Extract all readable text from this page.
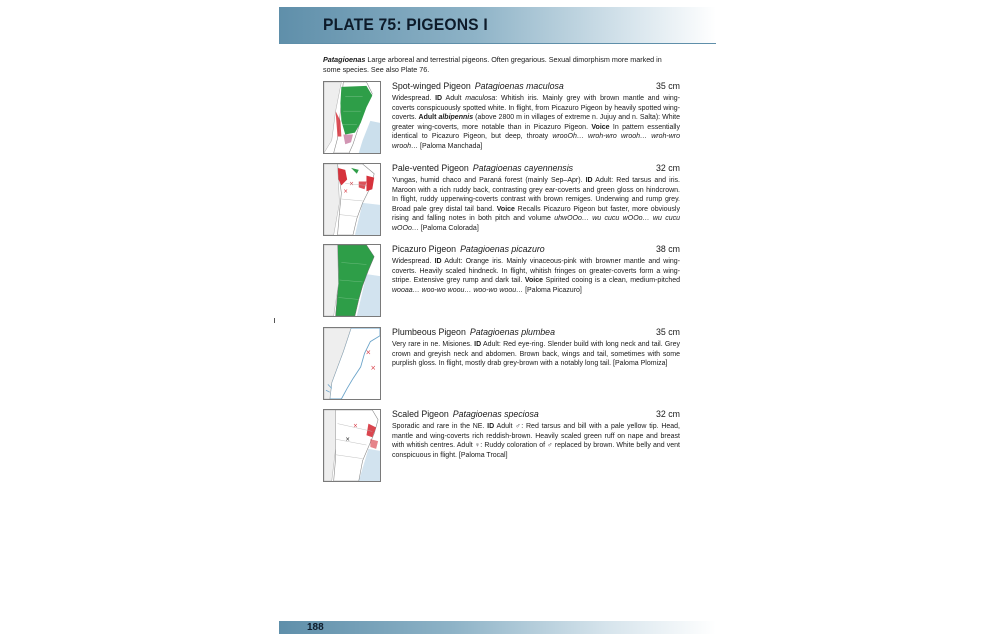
PLATE 75: PIGEONS I
Patagioenas Large arboreal and terrestrial pigeons. Often gregarious. Sexual dimorphism more marked in some species. See also Plate 76.
Spot-winged Pigeon Patagioenas maculosa	35 cm
Widespread. ID Adult maculosa: Whitish iris. Mainly grey with brown mantle and wing-coverts conspicuously spotted white. In flight, from Picazuro Pigeon by heavily spotted wing-coverts. Adult albipennis (above 2800 m in villages of extreme n. Jujuy and n. Salta): White greater wing-coverts, more notable than in Picazuro Pigeon. Voice In pattern essentially identical to Picazuro Pigeon, but deep, throaty wrooOh… wroh-wro wrooh… wroh-wro wrooh… [Paloma Manchada]
×
×
Pale-vented Pigeon Patagioenas cayennensis	32 cm
Yungas, humid chaco and Paraná forest (mainly Sep–Apr). ID Adult: Red tarsus and iris. Maroon with a rich ruddy back, contrasting grey ear-coverts and green gloss on hindcrown. In flight, ruddy upperwing-coverts contrast with brown remiges. Underwing and rump grey. Broad pale grey distal tail band. Voice Recalls Picazuro Pigeon but faster, more obviously rising and falling notes in both pitch and volume uhwOOo… wu cucu wOOo… wu cucu wOOo… [Paloma Colorada]
Picazuro Pigeon Patagioenas picazuro	38 cm
Widespread. ID Adult: Orange iris. Mainly vinaceous-pink with browner mantle and wing-coverts. Heavily scaled hindneck. In flight, whitish fringes on greater-coverts form a wing-stripe. Extensive grey rump and dark tail. Voice Spirited cooing is a clean, medium-pitched wooaa… woo-wo woou… woo-wo woou… [Paloma Picazuro]
×
×
Plumbeous Pigeon Patagioenas plumbea	35 cm
Very rare in ne. Misiones. ID Adult: Red eye-ring. Slender build with long neck and tail. Grey crown and greyish neck and abdomen. Brown back, wings and tail, sometimes with some purplish gloss. In flight, mostly drab grey-brown with a notably long tail. [Paloma Plomiza]
×
×
Scaled Pigeon Patagioenas speciosa	32 cm
Sporadic and rare in the NE. ID Adult ♂: Red tarsus and bill with a pale yellow tip. Head, mantle and wing-coverts rich reddish-brown. Heavily scaled green ruff on nape and breast with whitish centres. Adult ♀: Ruddy coloration of ♂ replaced by brown. White belly and vent conspicuous in flight. [Paloma Trocal]
188
